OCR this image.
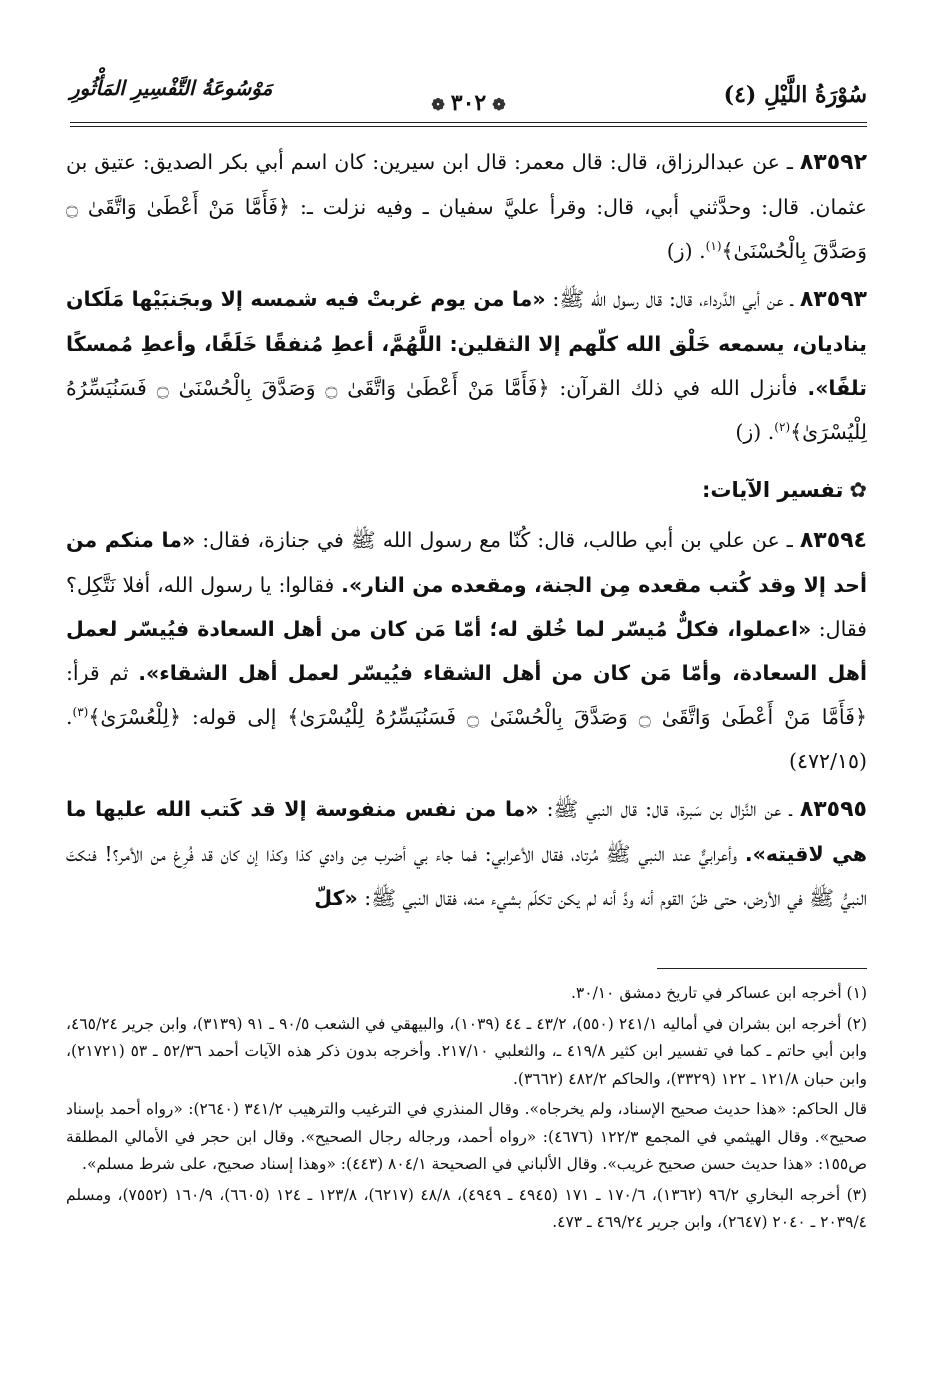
سُوْرَةُ اللَّيْلِ (٤)
❁٣٠٢❁
مَوْسُوعَةُ التَّفْسِيرِ المَأْثُورِ

٨٣٥٩٢ ـ عن عبدالرزاق، قال: قال معمر: قال ابن سيرين: كان اسم أبي بكر الصديق: عتيق بن عثمان. قال: وحدَّثني أبي، قال: وقرأ عليَّ سفيان ـ وفيه نزلت ـ: ﴿فَأَمَّا مَنْ أَعْطَىٰ وَاتَّقَىٰ ۝ وَصَدَّقَ بِالْحُسْنَىٰ﴾$^{(١)}$. (ز)

٨٣٥٩٣ ـ عن أبي الدَّرداء، قال: قال رسول الله ﷺ: «ما من يوم غربتْ فيه شمسه إلا وبجَنبَيْها مَلَكان يناديان، يسمعه خَلْق الله كلّهم إلا الثقلين: اللَّهُمَّ، أعطِ مُنفقًا خَلَفًا، وأعطِ مُمسكًا تلفًا». فأنزل الله في ذلك القرآن: ﴿فَأَمَّا مَنْ أَعْطَىٰ وَاتَّقَىٰ ۝ وَصَدَّقَ بِالْحُسْنَىٰ ۝ فَسَنُيَسِّرُهُ لِلْيُسْرَىٰ﴾$^{(٢)}$. (ز)

✿تفسير الآيات:

٨٣٥٩٤ ـ عن علي بن أبي طالب، قال: كُنّا مع رسول الله ﷺ في جنازة، فقال: «ما منكم من أحد إلا وقد كُتب مقعده مِن الجنة، ومقعده من النار». فقالوا: يا رسول الله، أفلا نَتَّكِل؟ فقال: «اعملوا، فكلٌّ مُيسّر لما خُلق له؛ أمّا مَن كان من أهل السعادة فيُيسّر لعمل أهل السعادة، وأمّا مَن كان من أهل الشقاء فيُيسّر لعمل أهل الشقاء». ثم قرأ: ﴿فَأَمَّا مَنْ أَعْطَىٰ وَاتَّقَىٰ ۝ وَصَدَّقَ بِالْحُسْنَىٰ ۝ فَسَنُيَسِّرُهُ لِلْيُسْرَىٰ﴾ إلى قوله: ﴿لِلْعُسْرَىٰ﴾$^{(٣)}$. (٤٧٢/١٥)

٨٣٥٩٥ ـ عن النَّزال بن سَبرة، قال: قال النبي ﷺ: «ما من نفس منفوسة إلا قد كَتب الله عليها ما هي لاقيته». وأعرابيٌّ عند النبي ﷺ مُرتاد، فقال الأعرابي: فما جاء بي أضرب مِن وادي كذا وكذا إن كان قد فُرِغ من الأمر؟! فنكتَ النبيُّ ﷺ في الأرض، حتى ظنّ القوم أنه ودَّ أنه لم يكن تكلّم بشيء منه، فقال النبي ﷺ: «كلّ

(١) أخرجه ابن عساكر في تاريخ دمشق ٣٠/١٠.

(٢) أخرجه ابن بشران في أماليه ٢٤١/١ (٥٥٠)، ٤٣/٢ ـ ٤٤ (١٠٣٩)، والبيهقي في الشعب ٩٠/٥ ـ ٩١ (٣١٣٩)، وابن جرير ٤٦٥/٢٤، وابن أبي حاتم ـ كما في تفسير ابن كثير ٤١٩/٨ ـ، والثعلبي ٢١٧/١٠. وأخرجه بدون ذكر هذه الآيات أحمد ٥٢/٣٦ ـ ٥٣ (٢١٧٢١)، وابن حبان ١٢١/٨ ـ ١٢٢ (٣٣٢٩)، والحاكم ٤٨٢/٢ (٣٦٦٢).

قال الحاكم: «هذا حديث صحيح الإسناد، ولم يخرجاه». وقال المنذري في الترغيب والترهيب ٣٤١/٢ (٢٦٤٠): «رواه أحمد بإسناد صحيح». وقال الهيثمي في المجمع ١٢٢/٣ (٤٦٧٦): «رواه أحمد، ورجاله رجال الصحيح». وقال ابن حجر في الأمالي المطلقة ص١٥٥: «هذا حديث حسن صحيح غريب». وقال الألباني في الصحيحة ٨٠٤/١ (٤٤٣): «وهذا إسناد صحيح، على شرط مسلم».

(٣) أخرجه البخاري ٩٦/٢ (١٣٦٢)، ١٧٠/٦ ـ ١٧١ (٤٩٤٥ ـ ٤٩٤٩)، ٤٨/٨ (٦٢١٧)، ١٢٣/٨ ـ ١٢٤ (٦٦٠٥)، ١٦٠/٩ (٧٥٥٢)، ومسلم ٢٠٣٩/٤ ـ ٢٠٤٠ (٢٦٤٧)، وابن جرير ٤٦٩/٢٤ ـ ٤٧٣.
